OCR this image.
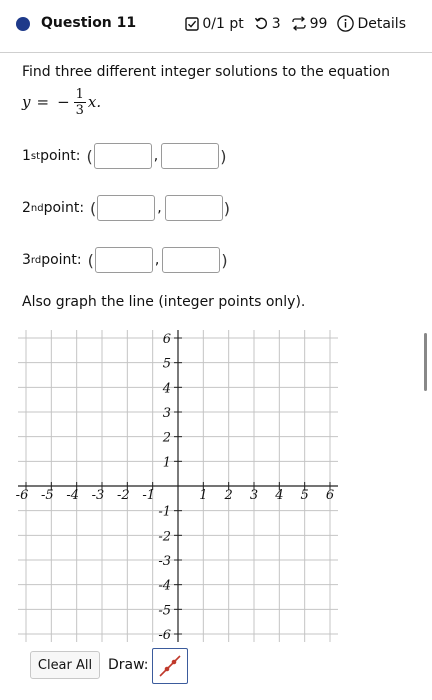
Question 11	0/1 pt 3 99 Details
Find three different integer solutions to the equation
y = − $\frac{1}{3} x$.
1 st point: (	,	)
2 nd point: (	,	)
3 rd point: (	,	)
Also graph the line (integer points only).
-6 -5 -4 -3 -2 -1	1 2 3 4 5 6
6
5
4
3
2
1
-1
-2
-3
-4
-5
-6
Clear All	Draw:
